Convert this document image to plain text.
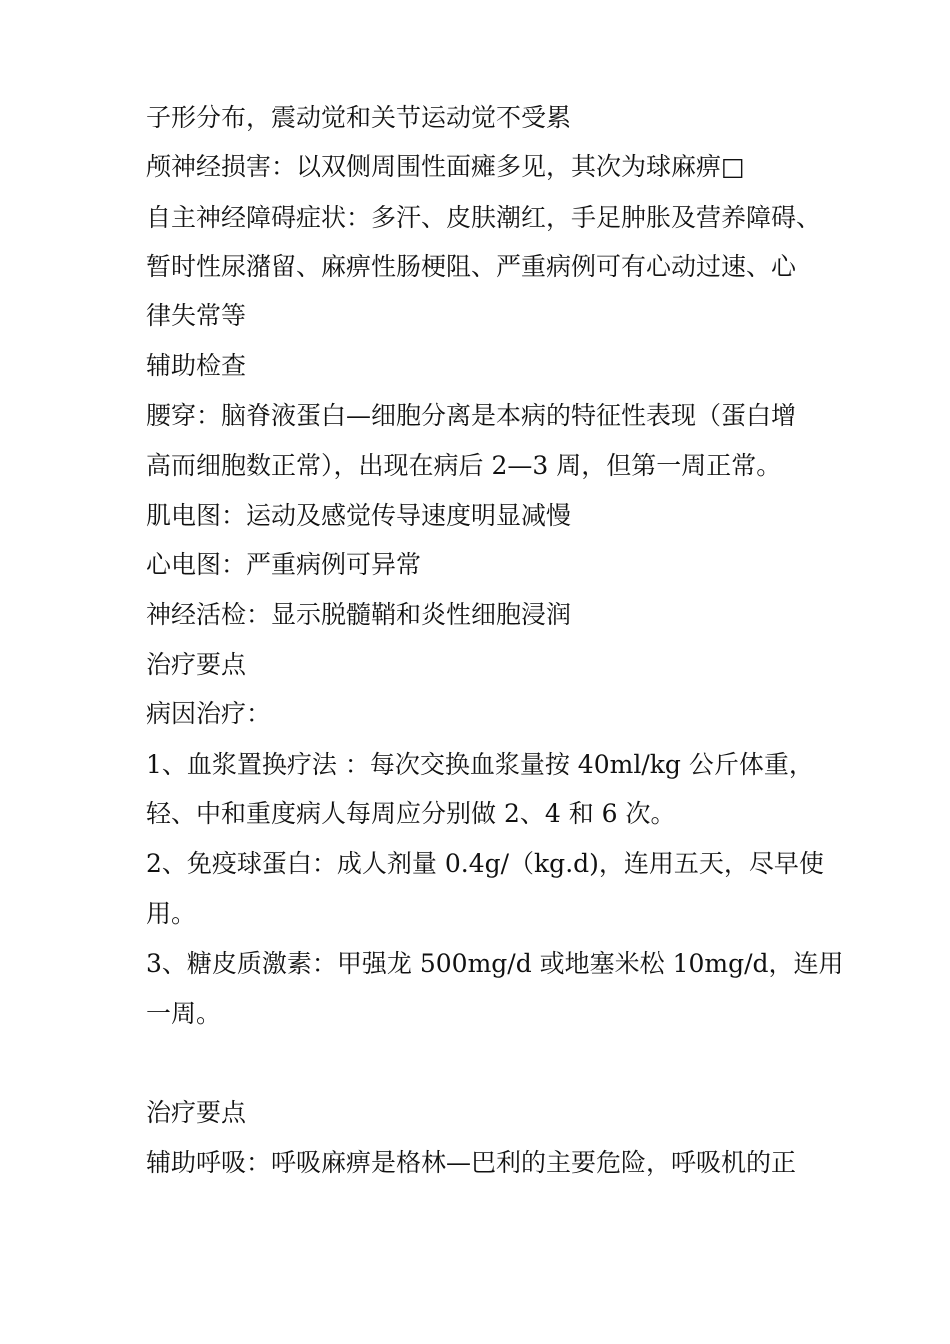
子形分布，震动觉和关节运动觉不受累
颅神经损害：以双侧周围性面瘫多见，其次为球麻痹□
自主神经障碍症状：多汗、皮肤潮红，手足肿胀及营养障碍、
暂时性尿潴留、麻痹性肠梗阻、严重病例可有心动过速、心
律失常等
辅助检查
腰穿：脑脊液蛋白—细胞分离是本病的特征性表现（蛋白增
高而细胞数正常），出现在病后 2—3 周，但第一周正常。
肌电图：运动及感觉传导速度明显减慢
心电图：严重病例可异常
神经活检：显示脱髓鞘和炎性细胞浸润
治疗要点
病因治疗：
1、血浆置换疗法 ：每次交换血浆量按 40ml/kg 公斤体重，
轻、中和重度病人每周应分别做 2、4 和 6 次。
2、免疫球蛋白：成人剂量 0.4g/（kg.d)，连用五天，尽早使
用。
3、糖皮质激素：甲强龙 500mg/d 或地塞米松 10mg/d，连用
一周。
治疗要点
辅助呼吸：呼吸麻痹是格林—巴利的主要危险，呼吸机的正
